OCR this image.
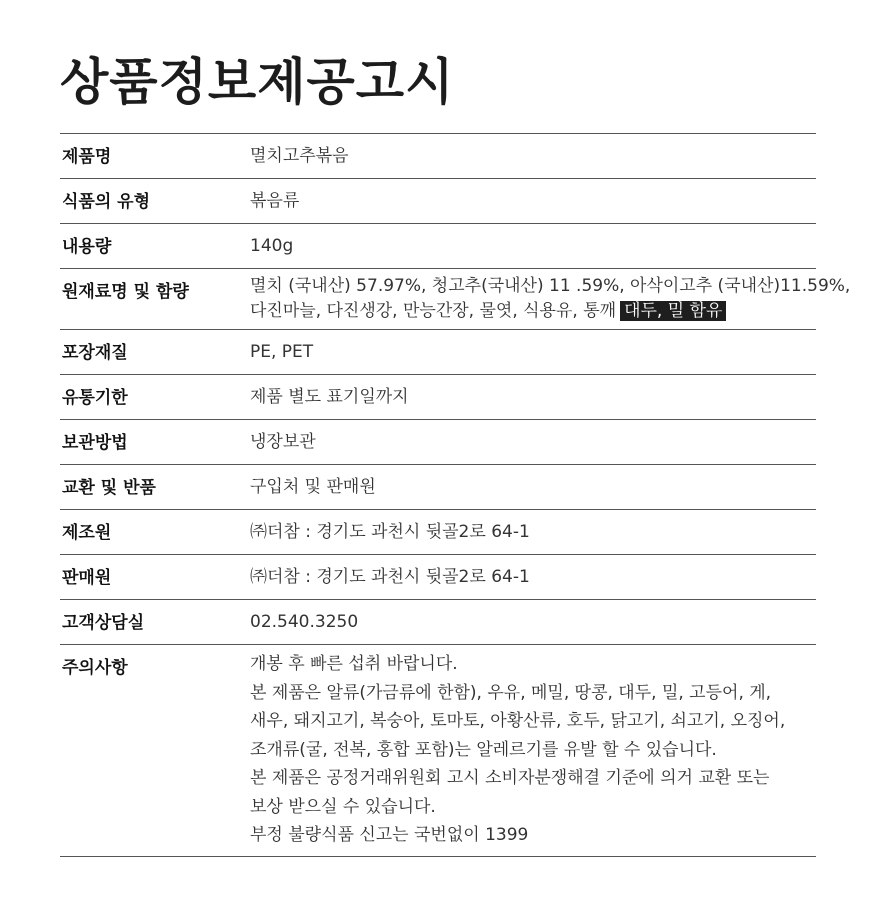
상품정보제공고시
제품명	멸치고추볶음
식품의 유형	볶음류
내용량	140g
원재료명 및 함량	멸치 (국내산) 57.97%, 청고추(국내산) 11 .59%, 아삭이고추 (국내산)11.59%,
다진마늘, 다진생강, 만능간장, 물엿, 식용유, 통깨 대두, 밀 함유
포장재질	PE, PET
유통기한	제품 별도 표기일까지
보관방법	냉장보관
교환 및 반품	구입처 및 판매원
제조원	㈜더참 : 경기도 과천시 뒷골2로 64-1
판매원	㈜더참 : 경기도 과천시 뒷골2로 64-1
고객상담실	02.540.3250
주의사항	개봉 후 빠른 섭취 바랍니다.
본 제품은 알류(가금류에 한함), 우유, 메밀, 땅콩, 대두, 밀, 고등어, 게,
새우, 돼지고기, 복숭아, 토마토, 아황산류, 호두, 닭고기, 쇠고기, 오징어,
조개류(굴, 전복, 홍합 포함)는 알레르기를 유발 할 수 있습니다.
본 제품은 공정거래위원회 고시 소비자분쟁해결 기준에 의거 교환 또는
보상 받으실 수 있습니다.
부정 불량식품 신고는 국번없이 1399
